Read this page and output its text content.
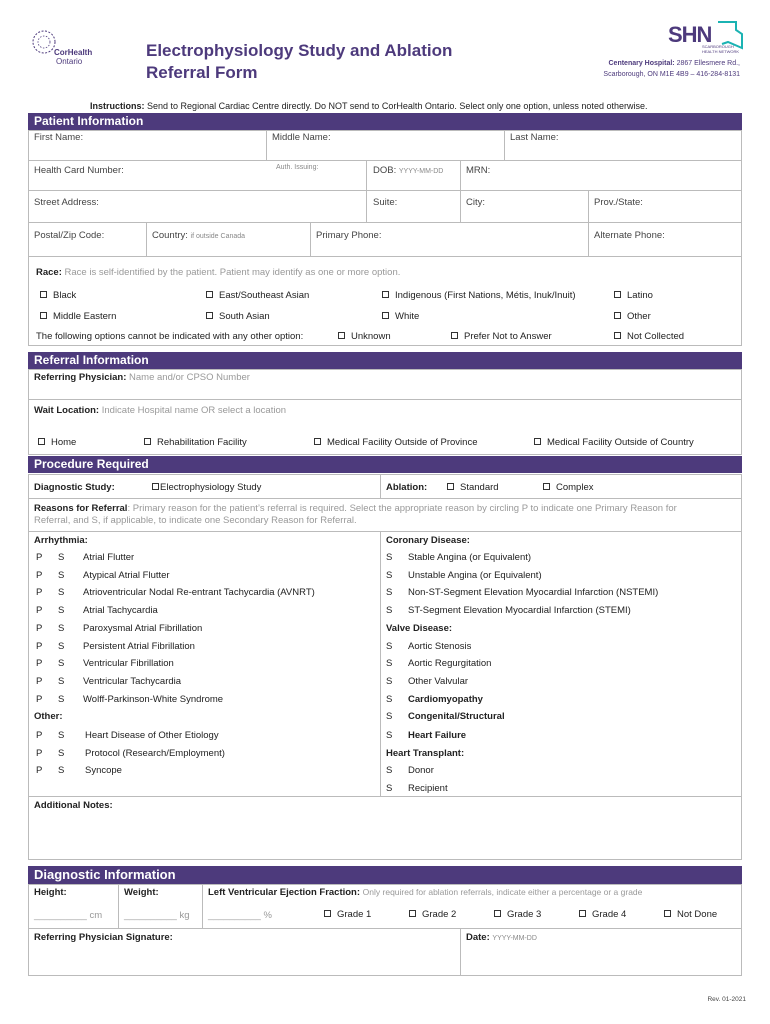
CorHealth
Ontario
Electrophysiology Study and Ablation
Referral Form
SHN
SCARBOROUGH HEALTH NETWORK
Centenary Hospital: 2867 Ellesmere Rd.,
Scarborough, ON M1E 4B9 – 416-284-8131
Instructions: Send to Regional Cardiac Centre directly. Do NOT send to CorHealth Ontario. Select only one option, unless noted otherwise.
Patient Information
First Name:	Middle Name:	Last Name:
Health Card Number:	Auth. Issuing:	DOB: YYYY-MM-DD MRN:
Street Address:	Suite:	City:	Prov./State:
Postal/Zip Code:	Country: if outside Canada	Primary Phone:	Alternate Phone:
Race: Race is self-identified by the patient. Patient may identify as one or more option.
Black	East/Southeast Asian	Indigenous (First Nations, Métis, Inuk/Inuit)	Latino
Middle Eastern	South Asian	White	Other
The following options cannot be indicated with any other option:	Unknown	Prefer Not to Answer	Not Collected
Referral Information
Referring Physician: Name and/or CPSO Number
Wait Location: Indicate Hospital name OR select a location
Home	Rehabilitation Facility	Medical Facility Outside of Province	Medical Facility Outside of Country
Procedure Required
Diagnostic Study:	Electrophysiology Study	Ablation:	Standard	Complex
Reasons for Referral: Primary reason for the patient’s referral is required. Select the appropriate reason by circling P to indicate one Primary Reason for
Referral, and S, if applicable, to indicate one Secondary Reason for Referral.
Arrhythmia:	Coronary Disease:
P S Atrial Flutter
P S Atypical Atrial Flutter
P S Atrioventricular Nodal Re-entrant Tachycardia (AVNRT)
P S Atrial Tachycardia
P S Paroxysmal Atrial Fibrillation
P S Persistent Atrial Fibrillation
P S Ventricular Fibrillation
P S Ventricular Tachycardia
P S Wolff-Parkinson-White Syndrome
Other:
P S Heart Disease of Other Etiology
P S Protocol (Research/Employment)
P S Syncope
S Stable Angina (or Equivalent)
S Unstable Angina (or Equivalent)
S Non-ST-Segment Elevation Myocardial Infarction (NSTEMI)
S ST-Segment Elevation Myocardial Infarction (STEMI)
Valve Disease:
S Aortic Stenosis
S Aortic Regurgitation
S Other Valvular
S Cardiomyopathy
S Congenital/Structural
S Heart Failure
Heart Transplant:
S Donor
S Recipient
Additional Notes:
Diagnostic Information
Height:	Weight:	Left Ventricular Ejection Fraction: Only required for ablation referrals, indicate either a percentage or a grade
__________ cm __________ kg __________ %	Grade 1	Grade 2	Grade 3	Grade 4	Not Done
Referring Physician Signature:	Date: YYYY-MM-DD
Rev. 01-2021
